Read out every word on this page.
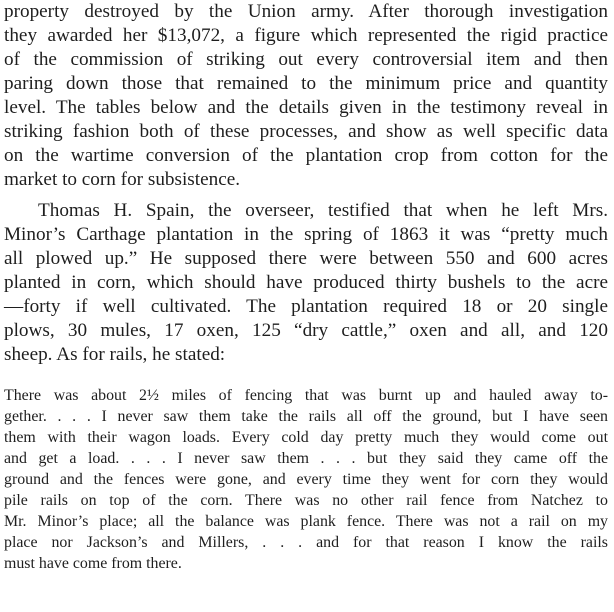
property destroyed by the Union army. After thorough investigation
they awarded her $13,072, a figure which represented the rigid practice
of the commission of striking out every controversial item and then
paring down those that remained to the minimum price and quantity
level. The tables below and the details given in the testimony reveal in
striking fashion both of these processes, and show as well specific data
on the wartime conversion of the plantation crop from cotton for the
market to corn for subsistence.
Thomas H. Spain, the overseer, testified that when he left Mrs.
Minor’s Carthage plantation in the spring of 1863 it was “pretty much
all plowed up.” He supposed there were between 550 and 600 acres
planted in corn, which should have produced thirty bushels to the acre
—forty if well cultivated. The plantation required 18 or 20 single
plows, 30 mules, 17 oxen, 125 “dry cattle,” oxen and all, and 120
sheep. As for rails, he stated:
There was about 2½ miles of fencing that was burnt up and hauled away to-
gether. . . . I never saw them take the rails all off the ground, but I have seen
them with their wagon loads. Every cold day pretty much they would come out
and get a load. . . . I never saw them . . . but they said they came off the
ground and the fences were gone, and every time they went for corn they would
pile rails on top of the corn. There was no other rail fence from Natchez to
Mr. Minor’s place; all the balance was plank fence. There was not a rail on my
place nor Jackson’s and Millers, . . . and for that reason I know the rails
must have come from there.
